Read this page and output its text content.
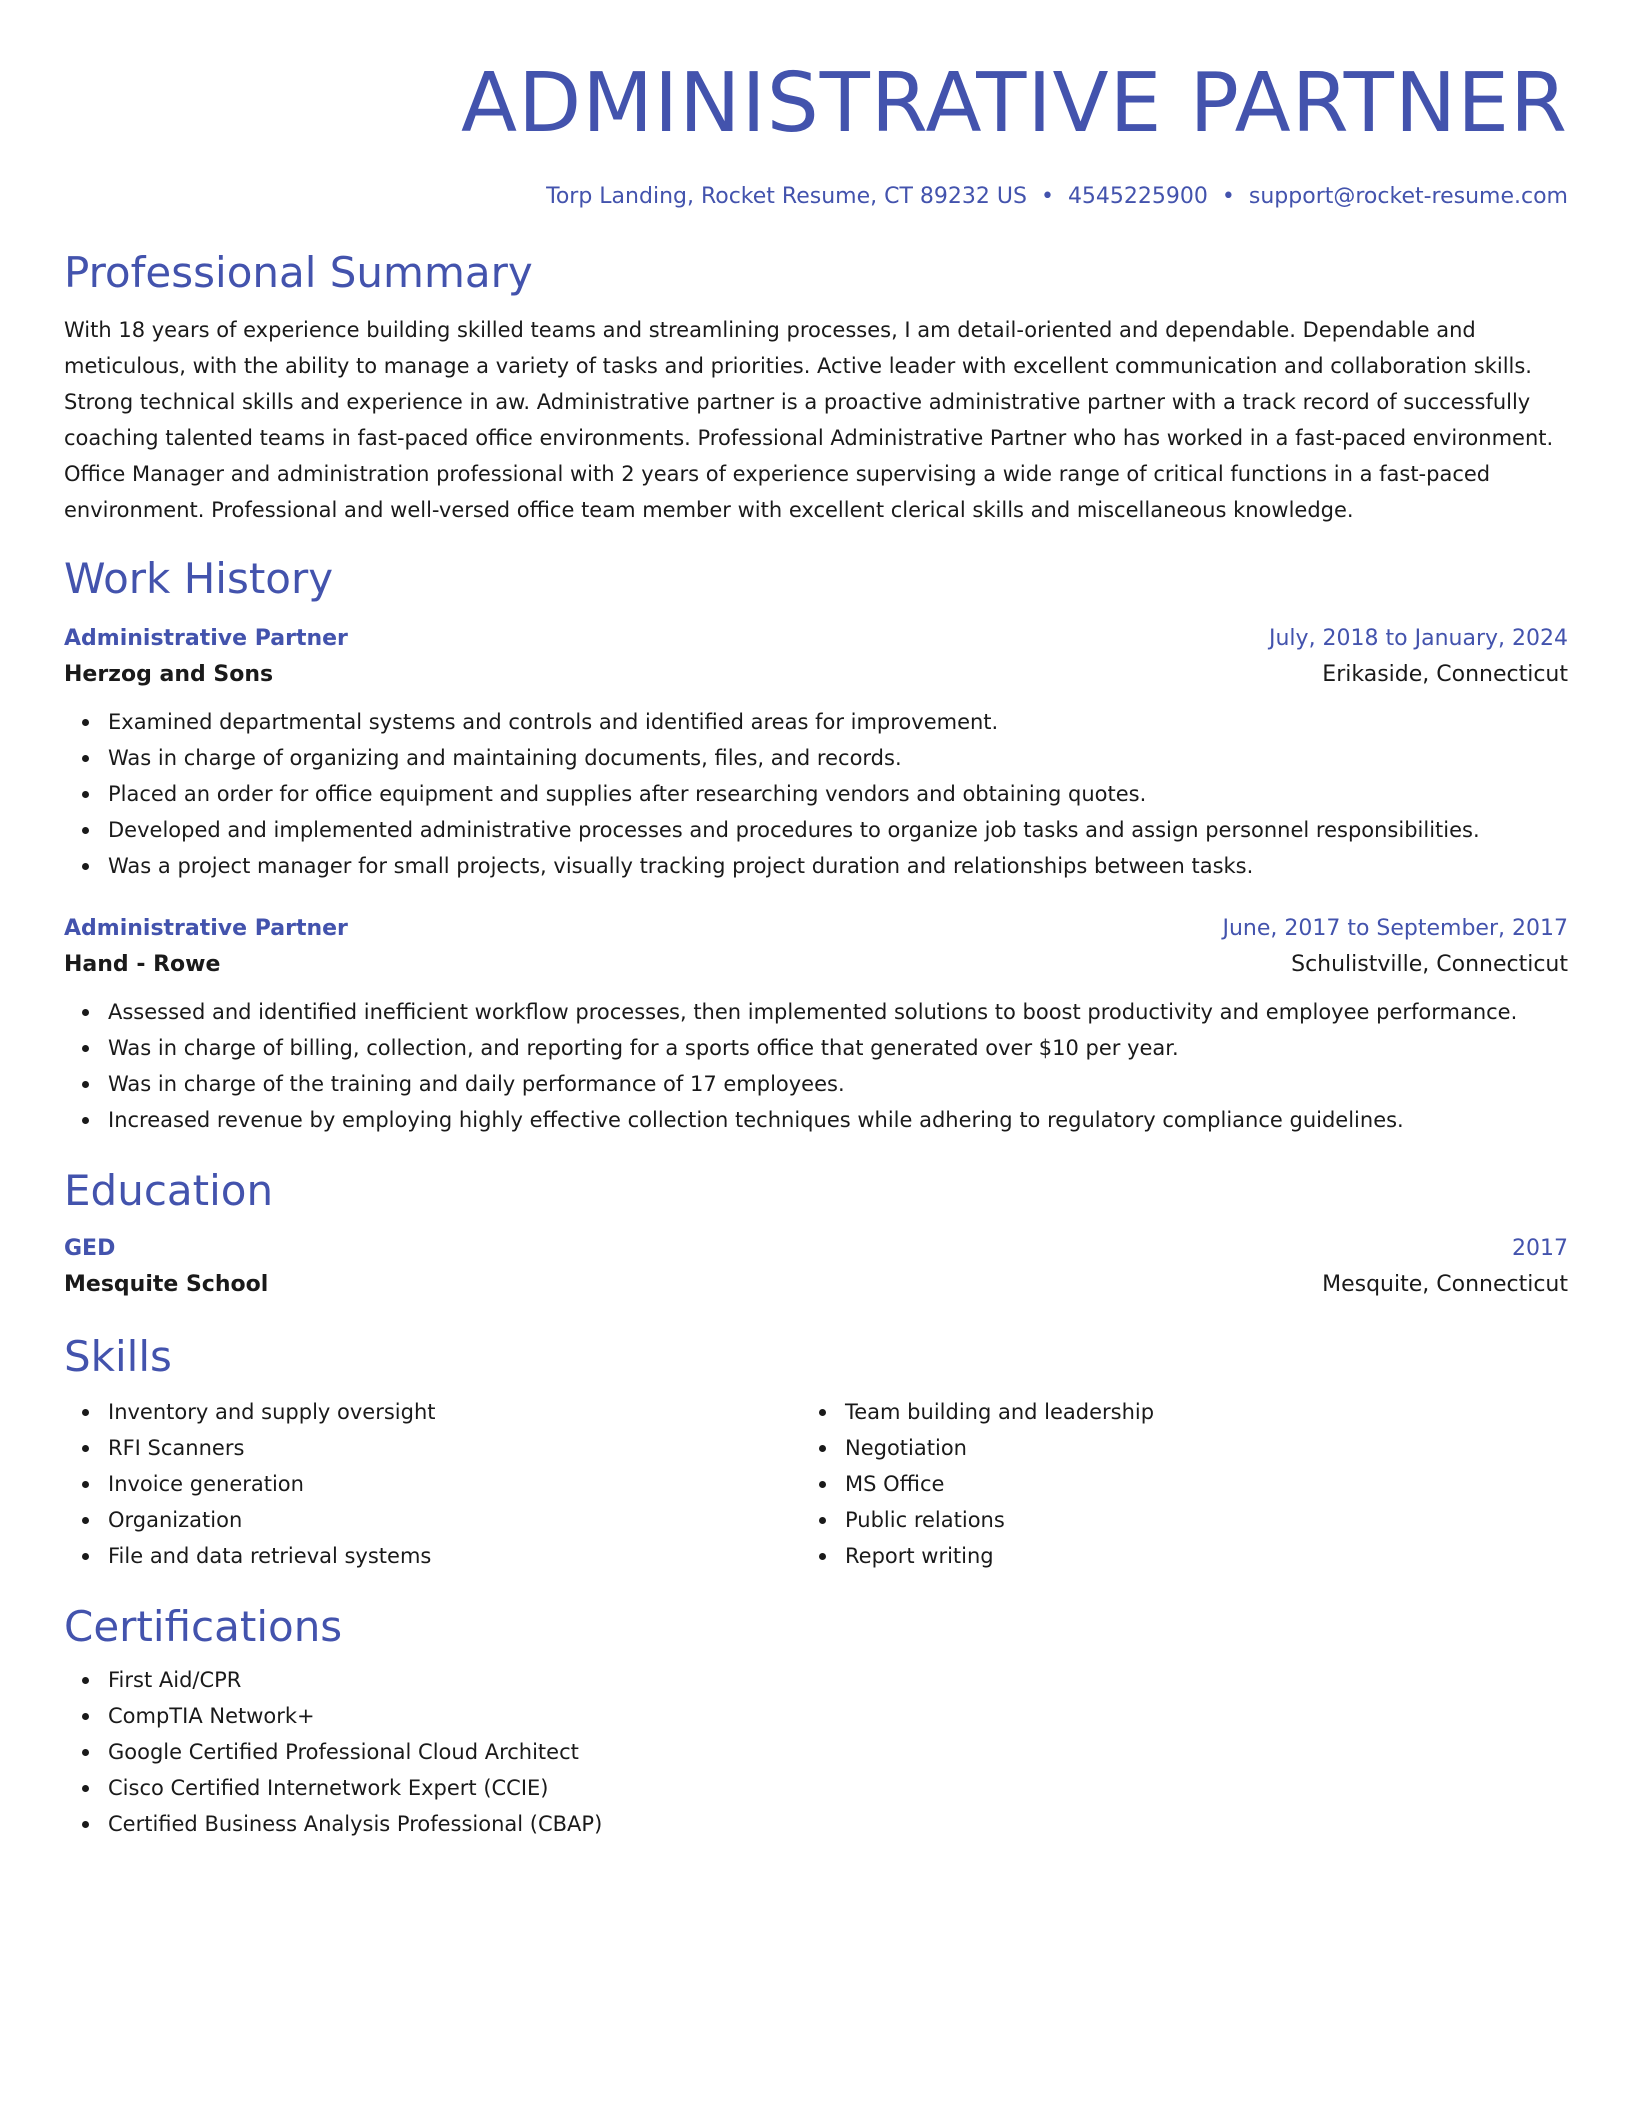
ADMINISTRATIVE PARTNER
Torp Landing, Rocket Resume, CT 89232 US • 4545225900 • support@rocket-resume.com
Professional Summary
With 18 years of experience building skilled teams and streamlining processes, I am detail-oriented and dependable. Dependable and meticulous, with the ability to manage a variety of tasks and priorities. Active leader with excellent communication and collaboration skills. Strong technical skills and experience in aw. Administrative partner is a proactive administrative partner with a track record of successfully coaching talented teams in fast-paced office environments. Professional Administrative Partner who has worked in a fast-paced environment. Office Manager and administration professional with 2 years of experience supervising a wide range of critical functions in a fast-paced environment. Professional and well-versed office team member with excellent clerical skills and miscellaneous knowledge.
Work History
Administrative Partner	July, 2018 to January, 2024
Herzog and Sons	Erikaside, Connecticut
Examined departmental systems and controls and identified areas for improvement.
Was in charge of organizing and maintaining documents, files, and records.
Placed an order for office equipment and supplies after researching vendors and obtaining quotes.
Developed and implemented administrative processes and procedures to organize job tasks and assign personnel responsibilities.
Was a project manager for small projects, visually tracking project duration and relationships between tasks.
Administrative Partner	June, 2017 to September, 2017
Hand - Rowe	Schulistville, Connecticut
Assessed and identified inefficient workflow processes, then implemented solutions to boost productivity and employee performance.
Was in charge of billing, collection, and reporting for a sports office that generated over $10 per year.
Was in charge of the training and daily performance of 17 employees.
Increased revenue by employing highly effective collection techniques while adhering to regulatory compliance guidelines.
Education
GED	2017
Mesquite School	Mesquite, Connecticut
Skills
Inventory and supply oversight
RFI Scanners
Invoice generation
Organization
File and data retrieval systems
Team building and leadership
Negotiation
MS Office
Public relations
Report writing
Certifications
First Aid/CPR
CompTIA Network+
Google Certified Professional Cloud Architect
Cisco Certified Internetwork Expert (CCIE)
Certified Business Analysis Professional (CBAP)
